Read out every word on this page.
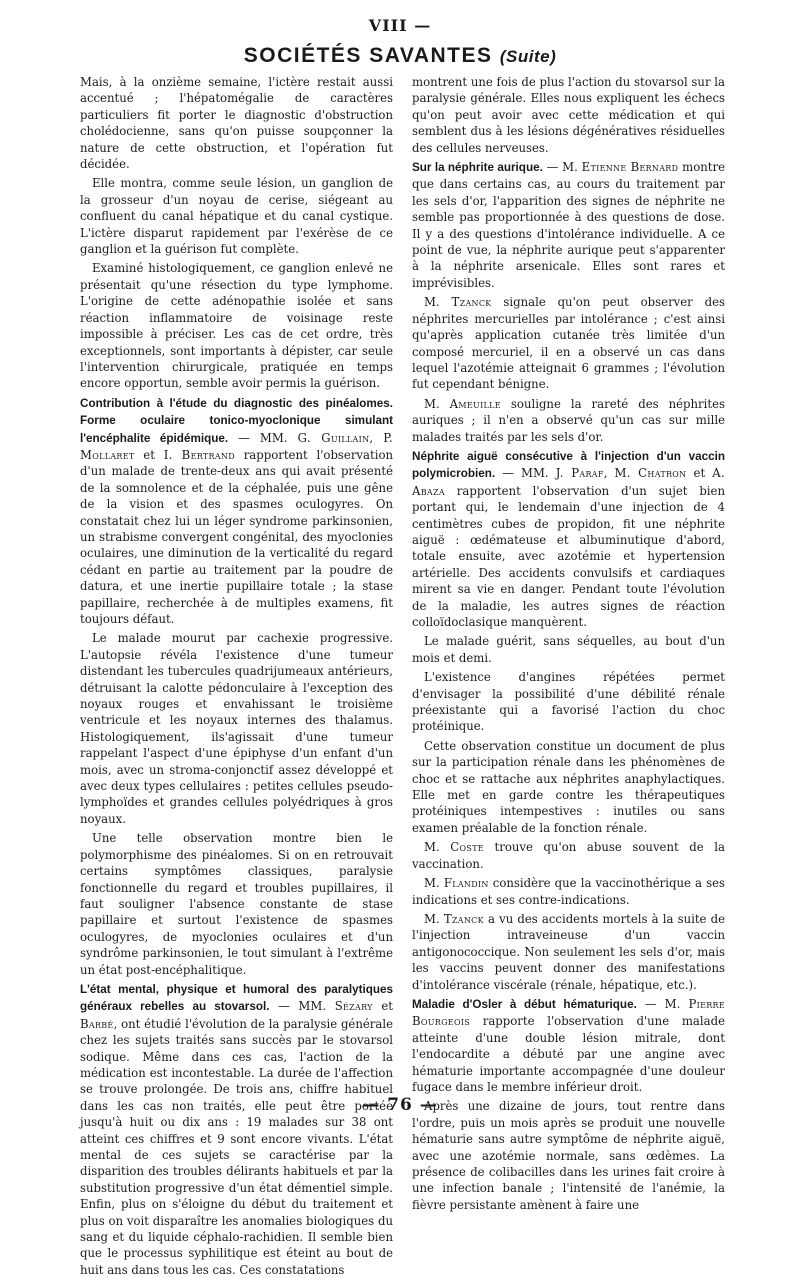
VIII —
SOCIÉTÉS SAVANTES (Suite)

Mais, à la onzième semaine, l'ictère restait aussi accentué ; l'hépatomégalie de caractères particuliers fit porter le diagnostic d'obstruction cholédocienne, sans qu'on puisse soupçonner la nature de cette obstruction, et l'opération fut décidée.

Elle montra, comme seule lésion, un ganglion de la grosseur d'un noyau de cerise, siégeant au confluent du canal hépatique et du canal cystique. L'ictère disparut rapidement par l'exérèse de ce ganglion et la guérison fut complète.

Examiné histologiquement, ce ganglion enlevé ne présentait qu'une résection du type lymphome. L'origine de cette adénopathie isolée et sans réaction inflammatoire de voisinage reste impossible à préciser. Les cas de cet ordre, très exceptionnels, sont importants à dépister, car seule l'intervention chirurgicale, pratiquée en temps encore opportun, semble avoir permis la guérison.

Contribution à l'étude du diagnostic des pinéalomes. Forme oculaire tonico-myoclonique simulant l'encéphalite épidémique. — MM. G. Guillain, P. Mollaret et I. Bertrand rapportent l'observation d'un malade de trente-deux ans qui avait présenté de la somnolence et de la céphalée, puis une gêne de la vision et des spasmes oculogyres. On constatait chez lui un léger syndrome parkinsonien, un strabisme convergent congénital, des myoclonies oculaires, une diminution de la verticalité du regard cédant en partie au traitement par la poudre de datura, et une inertie pupillaire totale ; la stase papillaire, recherchée à de multiples examens, fit toujours défaut.

Le malade mourut par cachexie progressive. L'autopsie révéla l'existence d'une tumeur distendant les tubercules quadrijumeaux antérieurs, détruisant la calotte pédonculaire à l'exception des noyaux rouges et envahissant le troisième ventricule et les noyaux internes des thalamus. Histologiquement, ils'agissait d'une tumeur rappelant l'aspect d'une épiphyse d'un enfant d'un mois, avec un stroma-conjonctif assez développé et avec deux types cellulaires : petites cellules pseudo-lymphoïdes et grandes cellules polyédriques à gros noyaux.

Une telle observation montre bien le polymorphisme des pinéalomes. Si on en retrouvait certains symptômes classiques, paralysie fonctionnelle du regard et troubles pupillaires, il faut souligner l'absence constante de stase papillaire et surtout l'existence de spasmes oculogyres, de myoclonies oculaires et d'un syndrôme parkinsonien, le tout simulant à l'extrême un état post-encéphalitique.

L'état mental, physique et humoral des paralytiques généraux rebelles au stovarsol. — MM. Sézary et Barbé, ont étudié l'évolution de la paralysie générale chez les sujets traités sans succès par le stovarsol sodique. Même dans ces cas, l'action de la médication est incontestable. La durée de l'affection se trouve prolongée. De trois ans, chiffre habituel dans les cas non traités, elle peut être portée jusqu'à huit ou dix ans : 19 malades sur 38 ont atteint ces chiffres et 9 sont encore vivants. L'état mental de ces sujets se caractérise par la disparition des troubles délirants habituels et par la substitution progressive d'un état démentiel simple. Enfin, plus on s'éloigne du début du traitement et plus on voit disparaître les anomalies biologiques du sang et du liquide céphalo-rachidien. Il semble bien que le processus syphilitique est éteint au bout de huit ans dans tous les cas. Ces constatations

montrent une fois de plus l'action du stovarsol sur la paralysie générale. Elles nous expliquent les échecs qu'on peut avoir avec cette médication et qui semblent dus à les lésions dégénératives résiduelles des cellules nerveuses.

Sur la néphrite aurique. — M. Etienne Bernard montre que dans certains cas, au cours du traitement par les sels d'or, l'apparition des signes de néphrite ne semble pas proportionnée à des questions de dose. Il y a des questions d'intolérance individuelle. A ce point de vue, la néphrite aurique peut s'apparenter à la néphrite arsenicale. Elles sont rares et imprévisibles.

M. Tzanck signale qu'on peut observer des néphrites mercurielles par intolérance ; c'est ainsi qu'après application cutanée très limitée d'un composé mercuriel, il en a observé un cas dans lequel l'azotémie atteignait 6 grammes ; l'évolution fut cependant bénigne.

M. Ameuille souligne la rareté des néphrites auriques ; il n'en a observé qu'un cas sur mille malades traités par les sels d'or.

Néphrite aiguë consécutive à l'injection d'un vaccin polymicrobien. — MM. J. Paraf, M. Chatron et A. Abaza rapportent l'observation d'un sujet bien portant qui, le lendemain d'une injection de 4 centimètres cubes de propidon, fit une néphrite aiguë : œdémateuse et albuminutique d'abord, totale ensuite, avec azotémie et hypertension artérielle. Des accidents convulsifs et cardiaques mirent sa vie en danger. Pendant toute l'évolution de la maladie, les autres signes de réaction colloïdoclasique manquèrent.

Le malade guérit, sans séquelles, au bout d'un mois et demi.

L'existence d'angines répétées permet d'envisager la possibilité d'une débilité rénale préexistante qui a favorisé l'action du choc protéinique.

Cette observation constitue un document de plus sur la participation rénale dans les phénomènes de choc et se rattache aux néphrites anaphylactiques. Elle met en garde contre les thérapeutiques protéiniques intempestives : inutiles ou sans examen préalable de la fonction rénale.

M. Coste trouve qu'on abuse souvent de la vaccination.

M. Flandin considère que la vaccinothérique a ses indications et ses contre-indications.

M. Tzanck a vu des accidents mortels à la suite de l'injection intraveineuse d'un vaccin antigonococcique. Non seulement les sels d'or, mais les vaccins peuvent donner des manifestations d'intolérance viscérale (rénale, hépatique, etc.).

Maladie d'Osler à début hématurique. — M. Pierre Bourgeois rapporte l'observation d'une malade atteinte d'une double lésion mitrale, dont l'endocardite a débuté par une angine avec hématurie importante accompagnée d'une douleur fugace dans le membre inférieur droit.

Après une dizaine de jours, tout rentre dans l'ordre, puis un mois après se produit une nouvelle hématurie sans autre symptôme de néphrite aiguë, avec une azotémie normale, sans œdèmes. La présence de colibacilles dans les urines fait croire à une infection banale ; l'intensité de l'anémie, la fièvre persistante amènent à faire une

— 76 —
